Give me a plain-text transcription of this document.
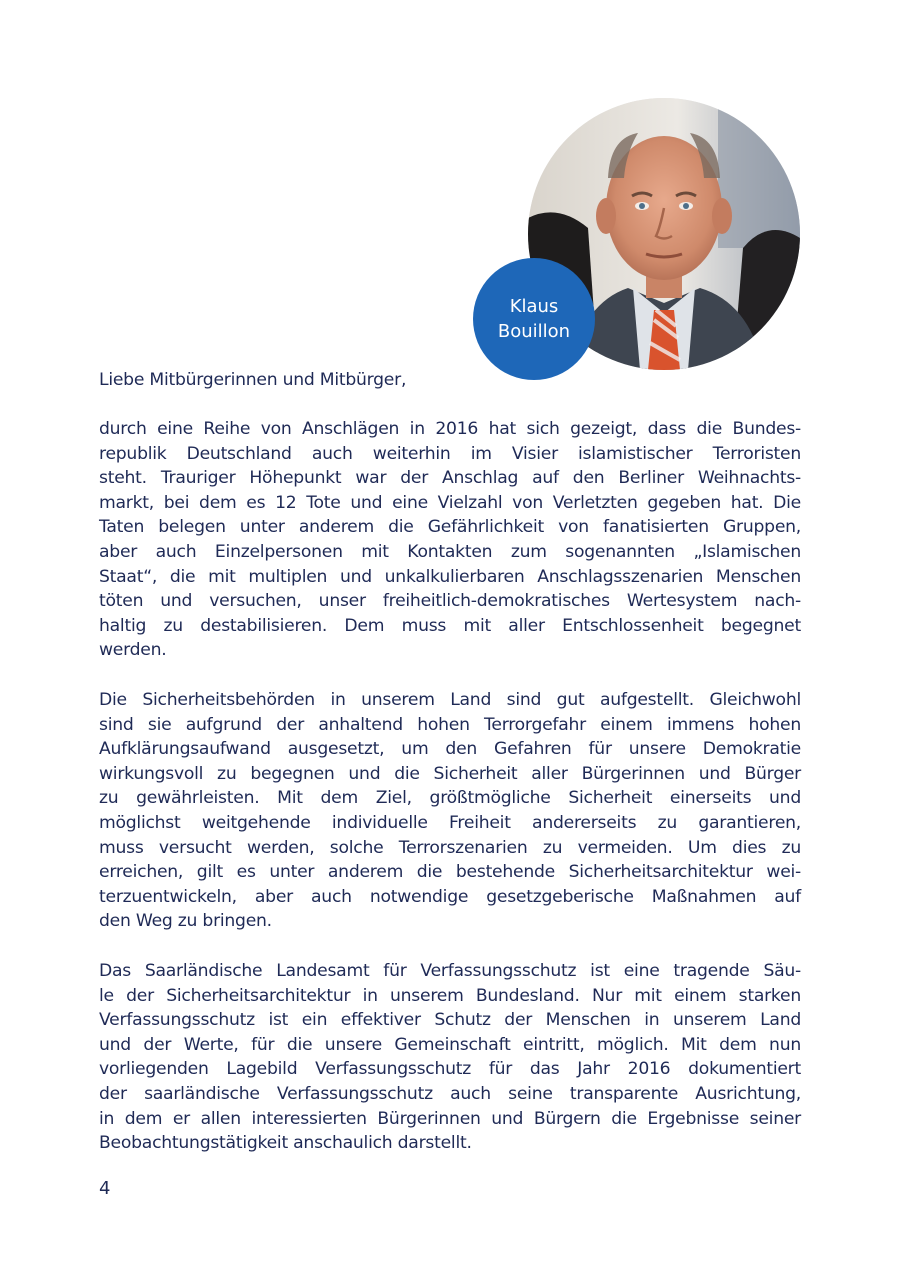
Klaus
Bouillon
Liebe Mitbürgerinnen und Mitbürger,
durch eine Reihe von Anschlägen in 2016 hat sich gezeigt, dass die Bundes-
republik Deutschland auch weiterhin im Visier islamistischer Terroristen
steht. Trauriger Höhepunkt war der Anschlag auf den Berliner Weihnachts-
markt, bei dem es 12 Tote und eine Vielzahl von Verletzten gegeben hat. Die
Taten belegen unter anderem die Gefährlichkeit von fanatisierten Gruppen,
aber auch Einzelpersonen mit Kontakten zum sogenannten „Islamischen
Staat“, die mit multiplen und unkalkulierbaren Anschlagsszenarien Menschen
töten und versuchen, unser freiheitlich-demokratisches Wertesystem nach-
haltig zu destabilisieren. Dem muss mit aller Entschlossenheit begegnet
werden.
Die Sicherheitsbehörden in unserem Land sind gut aufgestellt. Gleichwohl
sind sie aufgrund der anhaltend hohen Terrorgefahr einem immens hohen
Aufklärungsaufwand ausgesetzt, um den Gefahren für unsere Demokratie
wirkungsvoll zu begegnen und die Sicherheit aller Bürgerinnen und Bürger
zu gewährleisten. Mit dem Ziel, größtmögliche Sicherheit einerseits und
möglichst weitgehende individuelle Freiheit andererseits zu garantieren,
muss versucht werden, solche Terrorszenarien zu vermeiden. Um dies zu
erreichen, gilt es unter anderem die bestehende Sicherheitsarchitektur wei-
terzuentwickeln, aber auch notwendige gesetzgeberische Maßnahmen auf
den Weg zu bringen.
Das Saarländische Landesamt für Verfassungsschutz ist eine tragende Säu-
le der Sicherheitsarchitektur in unserem Bundesland. Nur mit einem starken
Verfassungsschutz ist ein effektiver Schutz der Menschen in unserem Land
und der Werte, für die unsere Gemeinschaft eintritt, möglich. Mit dem nun
vorliegenden Lagebild Verfassungsschutz für das Jahr 2016 dokumentiert
der saarländische Verfassungsschutz auch seine transparente Ausrichtung,
in dem er allen interessierten Bürgerinnen und Bürgern die Ergebnisse seiner
Beobachtungstätigkeit anschaulich darstellt.
4
